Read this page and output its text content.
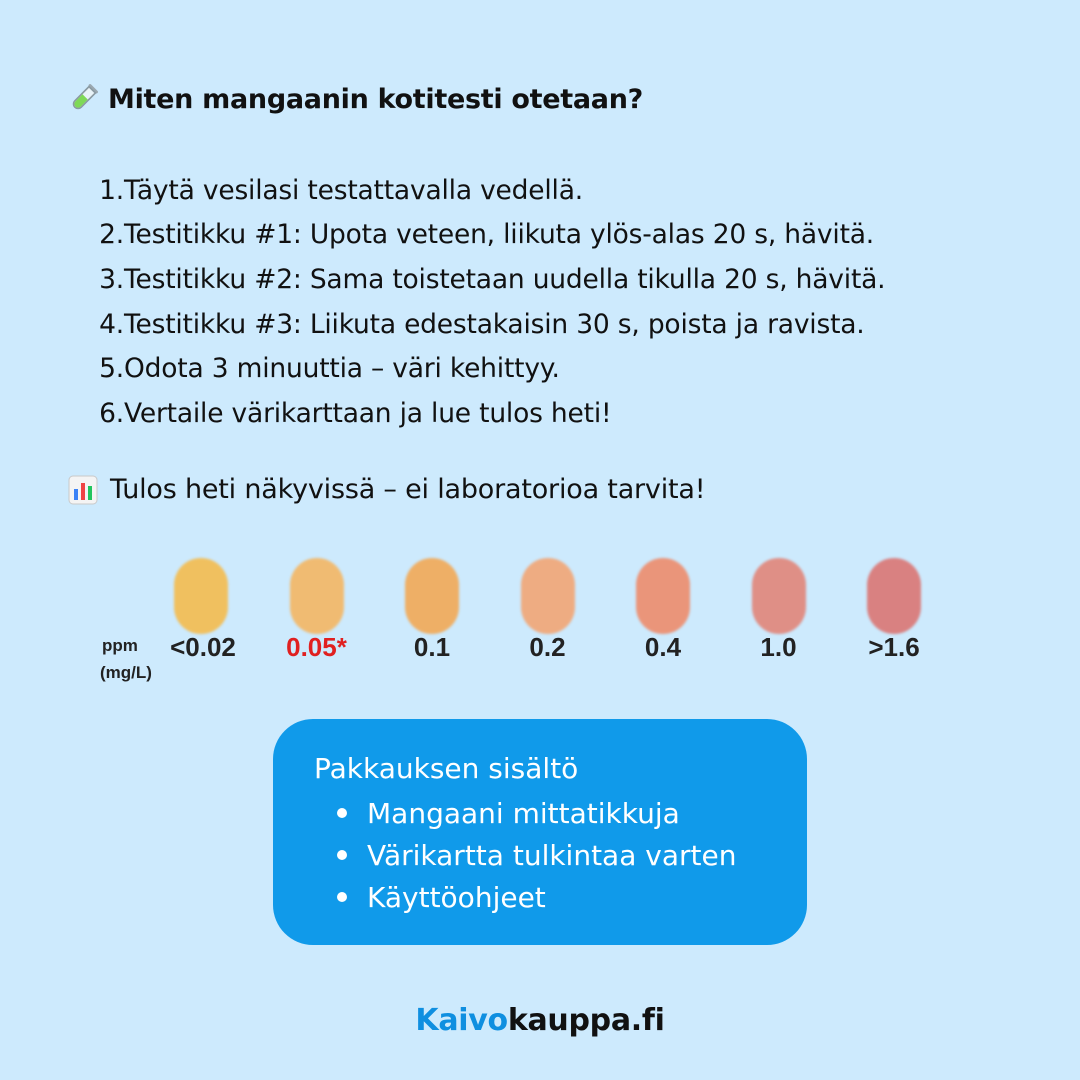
Miten mangaanin kotitesti otetaan?
1. Täytä vesilasi testattavalla vedellä.
2. Testitikku #1: Upota veteen, liikuta ylös-alas 20 s, hävitä.
3. Testitikku #2: Sama toistetaan uudella tikulla 20 s, hävitä.
4. Testitikku #3: Liikuta edestakaisin 30 s, poista ja ravista.
5. Odota 3 minuuttia – väri kehittyy.
6. Vertaile värikarttaan ja lue tulos heti!
Tulos heti näkyvissä – ei laboratorioa tarvita!
ppm
(mg/L)
<0.02	0.05*	0.1	0.2	0.4	1.0	>1.6
Pakkauksen sisältö
Mangaani mittatikkuja
Värikartta tulkintaa varten
Käyttöohjeet
Kaivokauppa.fi
